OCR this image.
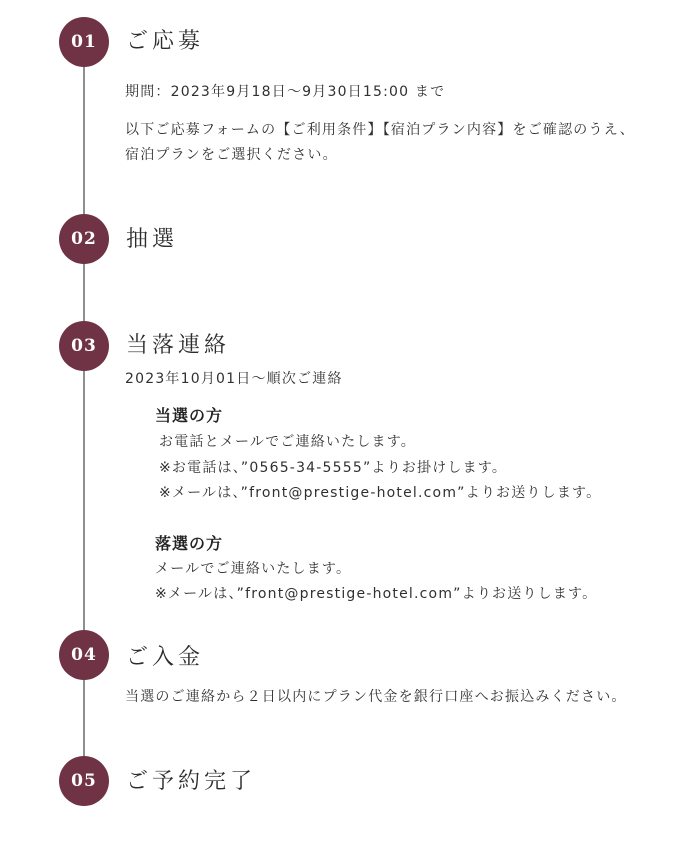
01	ご応募
期間：2023年9月18日〜9月30日15:00 まで
以下ご応募フォームの【ご利用条件】【宿泊プラン内容】をご確認のうえ、
宿泊プランをご選択ください。
02	抽選
03	当落連絡
2023年10月01日〜順次ご連絡
当選の方
お電話とメールでご連絡いたします。
※お電話は、”0565-34-5555”よりお掛けします。
※メールは、”front@prestige-hotel.com”よりお送りします。
落選の方
メールでご連絡いたします。
※メールは、”front@prestige-hotel.com”よりお送りします。
04	ご入金
当選のご連絡から２日以内にプラン代金を銀行口座へお振込みください。
05	ご予約完了
